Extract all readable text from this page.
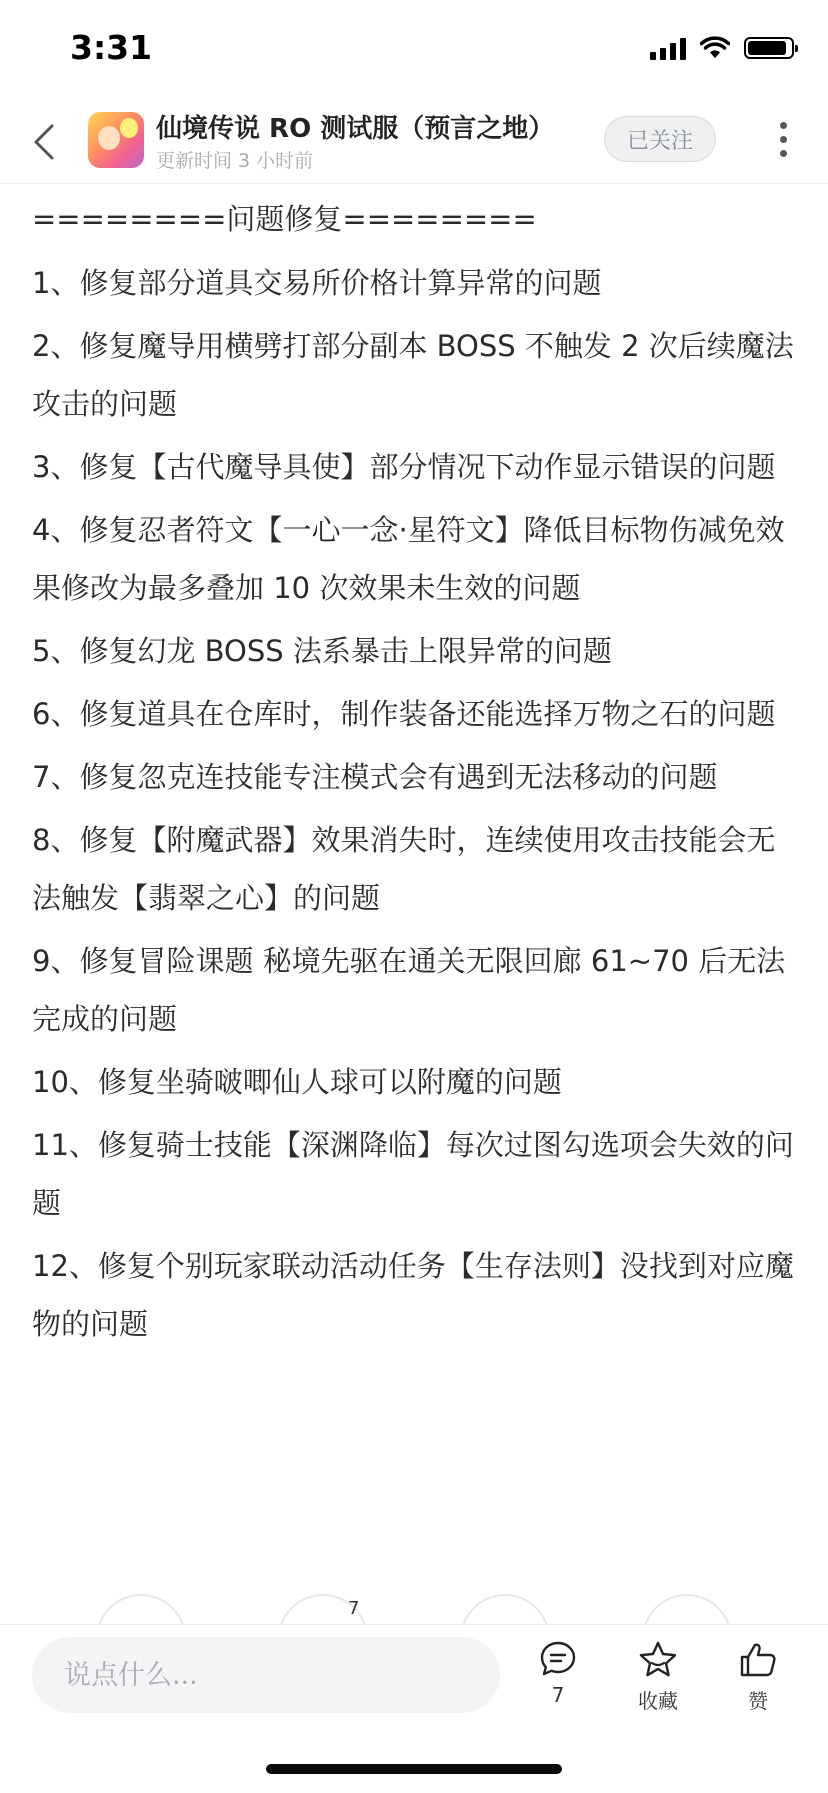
3:31
仙境传说 RO 测试服（预言之地）
更新时间 3 小时前
已关注

========问题修复========

1、修复部分道具交易所价格计算异常的问题

2、修复魔导用横劈打部分副本 BOSS 不触发 2 次后续魔法攻击的问题

3、修复【古代魔导具使】部分情况下动作显示错误的问题

4、修复忍者符文【一心一念·星符文】降低目标物伤减免效果修改为最多叠加 10 次效果未生效的问题

5、修复幻龙 BOSS 法系暴击上限异常的问题

6、修复道具在仓库时，制作装备还能选择万物之石的问题

7、修复忽克连技能专注模式会有遇到无法移动的问题

8、修复【附魔武器】效果消失时，连续使用攻击技能会无法触发【翡翠之心】的问题

9、修复冒险课题 秘境先驱在通关无限回廊 61~70 后无法完成的问题

10、修复坐骑啵唧仙人球可以附魔的问题

11、修复骑士技能【深渊降临】每次过图勾选项会失效的问题

12、修复个别玩家联动活动任务【生存法则】没找到对应魔物的问题

7
说点什么...
7	收藏	赞
